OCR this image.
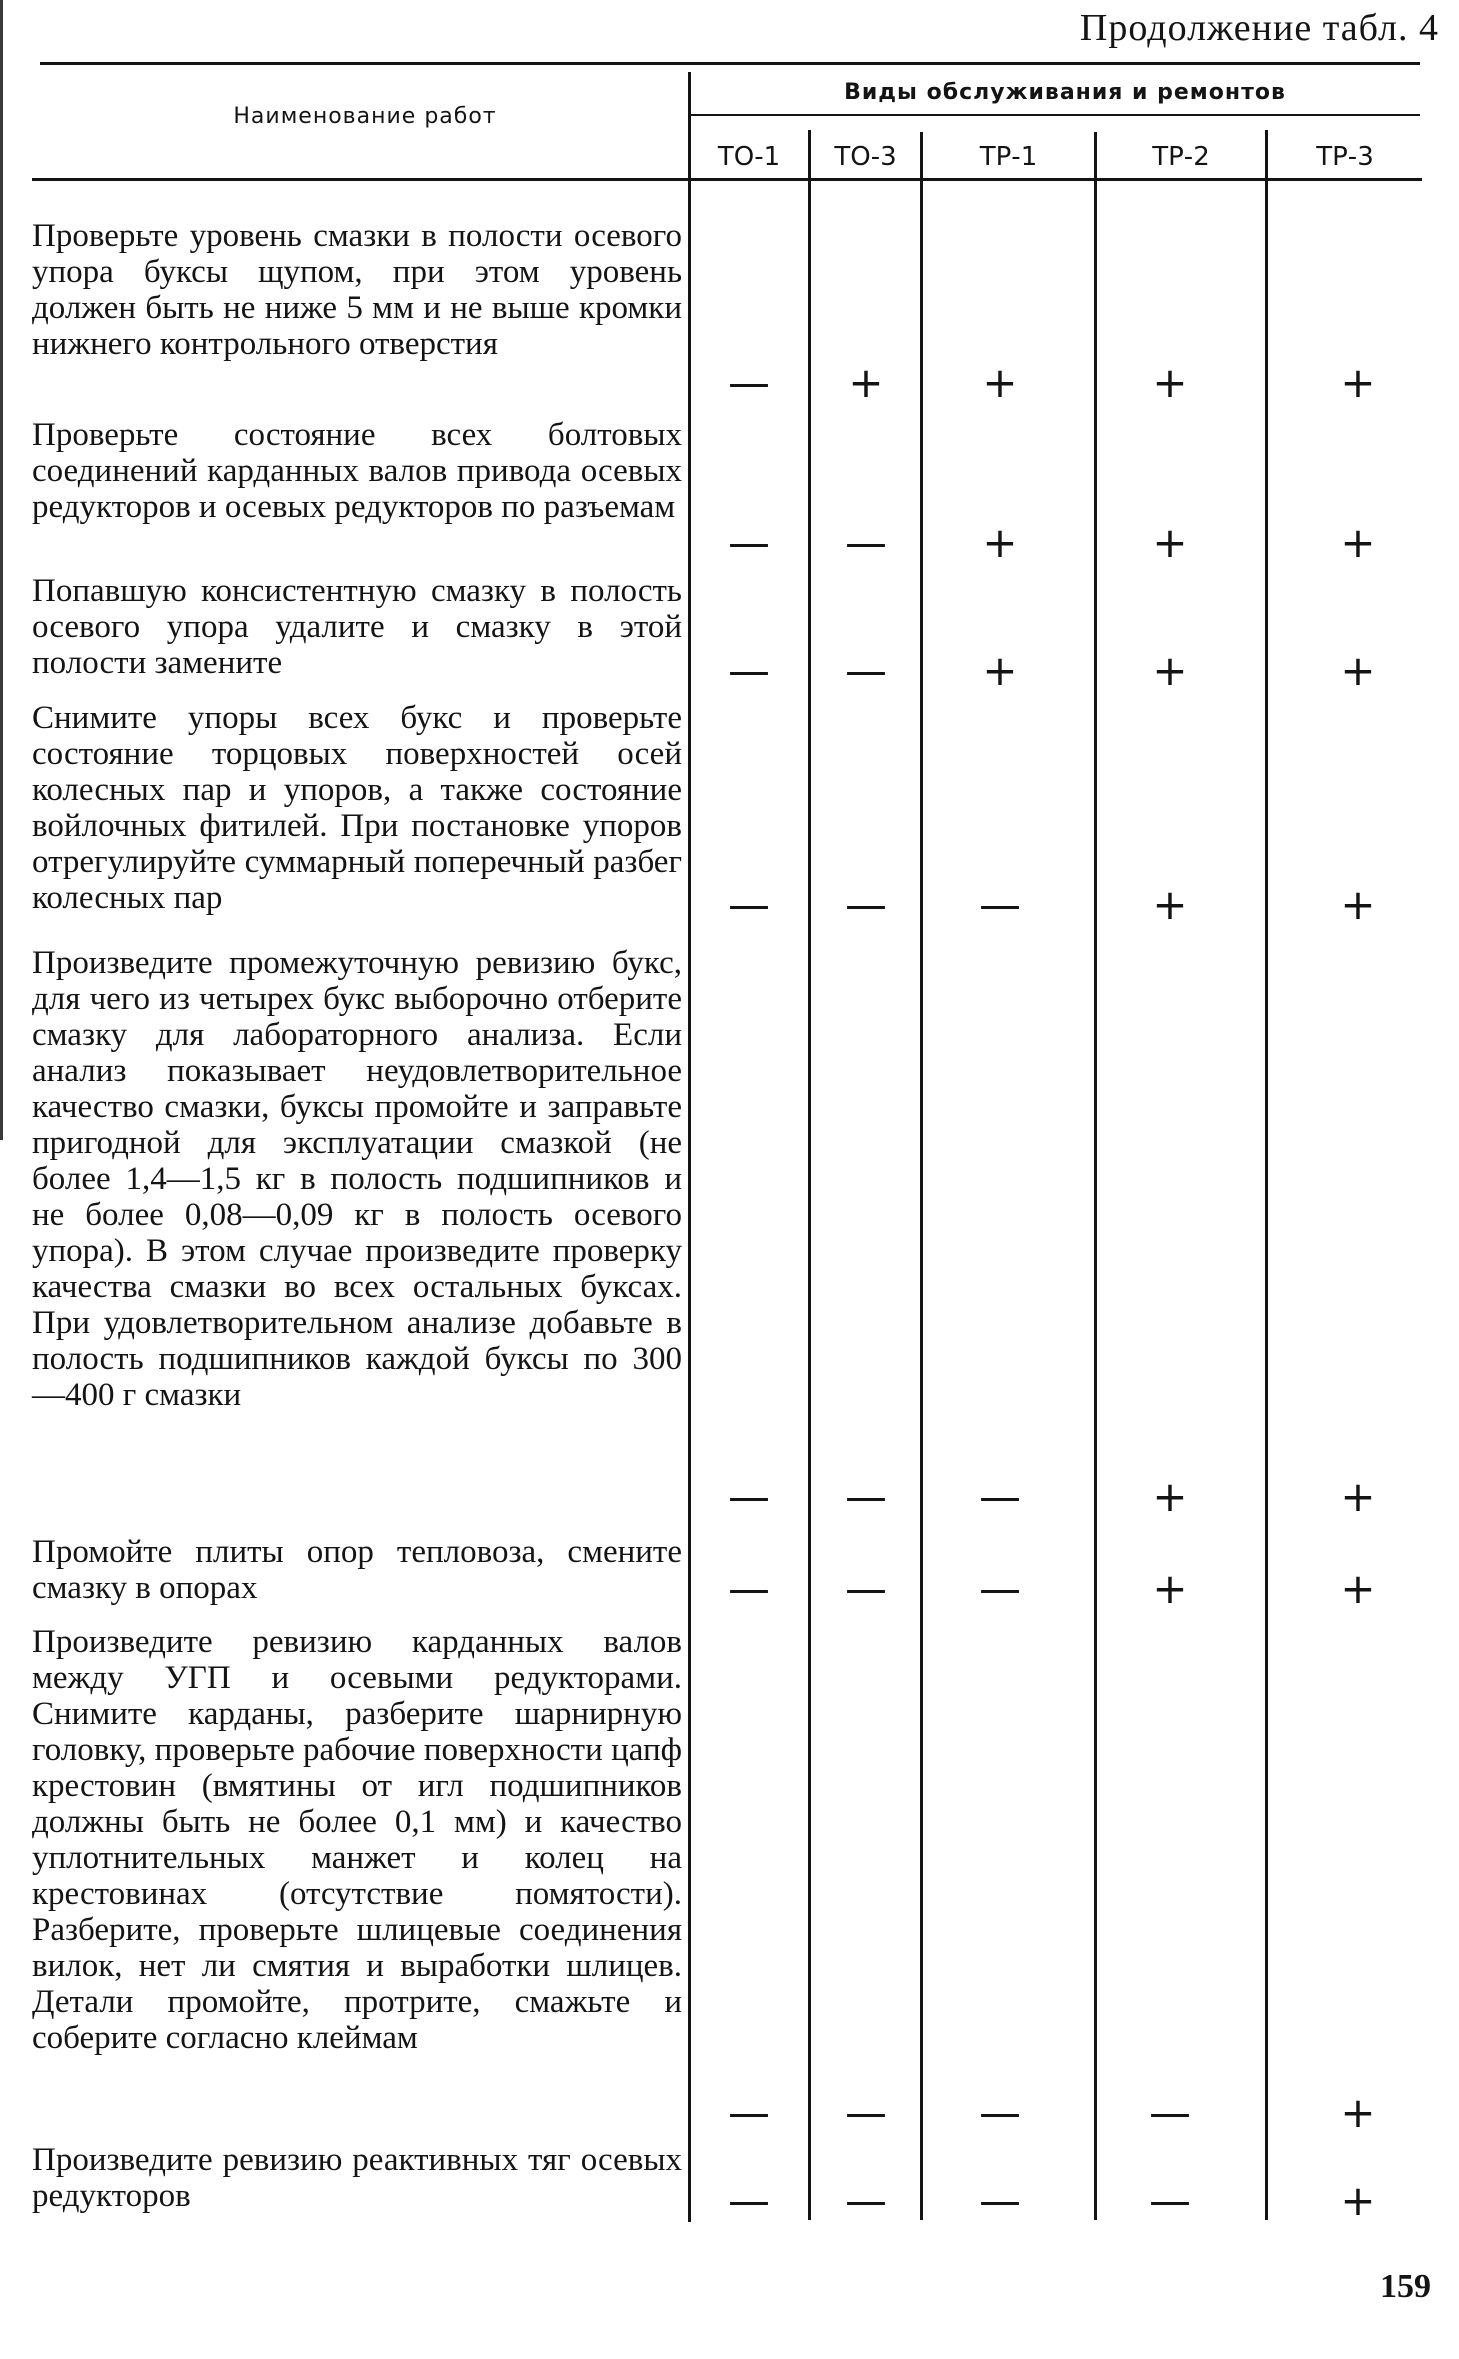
Продолжение табл. 4
Наименование работ
Виды обслуживания и ремонтов
ТО-1	ТО-3	ТР-1	ТР-2	ТР-3
Проверьте уровень смазки в полости осевого упора буксы щупом, при этом уровень должен быть не ниже 5 мм и не выше кромки нижнего контрольного отверстия
— + +	+	+
Проверьте состояние всех болтовых соединений карданных валов привода осевых редукторов и осевых редукторов по разъемам
— — +	+	+
Попавшую консистентную смазку в полость осевого упора удалите и смазку в этой полости замените	— — +	+	+
Снимите упоры всех букс и проверьте состояние торцовых поверхностей осей колесных пар и упоров, а также состояние войлочных фитилей. При постановке упоров отрегулируйте суммарный поперечный разбег колесных пар	— — —	+	+
Произведите промежуточную ревизию букс, для чего из четырех букс выборочно отберите смазку для лабораторного анализа. Если анализ показывает неудовлетворительное качество смазки, буксы промойте и заправьте пригодной для эксплуатации смазкой (не более 1,4—1,5 кг в полость подшипников и не более 0,08—0,09 кг в полость осевого упора). В этом случае произведите проверку качества смазки во всех остальных буксах. При удовлетворительном анализе добавьте в полость подшипников каждой буксы по 300—400 г смазки
— — —	+	+
Промойте плиты опор тепловоза, смените смазку в опорах	— — —	+	+
Произведите ревизию карданных валов между УГП и осевыми редукторами. Снимите карданы, разберите шарнирную головку, проверьте рабочие поверхности цапф крестовин (вмятины от игл подшипников должны быть не более 0,1 мм) и качество уплотнительных манжет и колец на крестовинах (отсутствие помятости). Разберите, проверьте шлицевые соединения вилок, нет ли смятия и выработки шлицев. Детали промойте, протрите, смажьте и соберите согласно клеймам
— — —	—	+
Произведите ревизию реактивных тяг осевых редукторов	— — —	—	+
159
